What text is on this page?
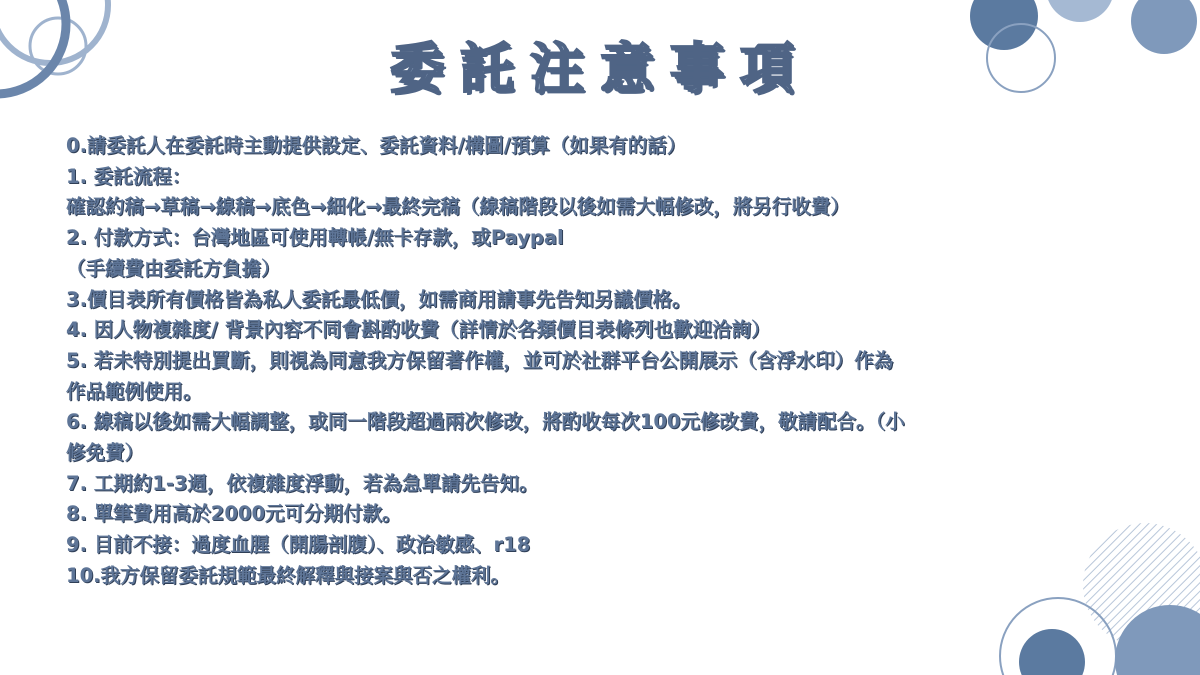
委託注意事項
0.請委託人在委託時主動提供設定、委託資料/構圖/預算（如果有的話）
1. 委託流程：
確認約稿→草稿→線稿→底色→細化→最終完稿（線稿階段以後如需大幅修改，將另行收費）
2. 付款方式：台灣地區可使用轉帳/無卡存款，或Paypal
（手續費由委託方負擔）
3.價目表所有價格皆為私人委託最低價，如需商用請事先告知另議價格。
4. 因人物複雜度/ 背景內容不同會斟酌收費（詳情於各類價目表條列也歡迎洽詢）
5. 若未特別提出買斷，則視為同意我方保留著作權，並可於社群平台公開展示（含浮水印）作為
作品範例使用。
6. 線稿以後如需大幅調整，或同一階段超過兩次修改，將酌收每次100元修改費，敬請配合。（小
修免費）
7. 工期約1-3週，依複雜度浮動，若為急單請先告知。
8. 單筆費用高於2000元可分期付款。
9. 目前不接：過度血腥（開腸剖腹）、政治敏感、r18
10.我方保留委託規範最終解釋與接案與否之權利。
